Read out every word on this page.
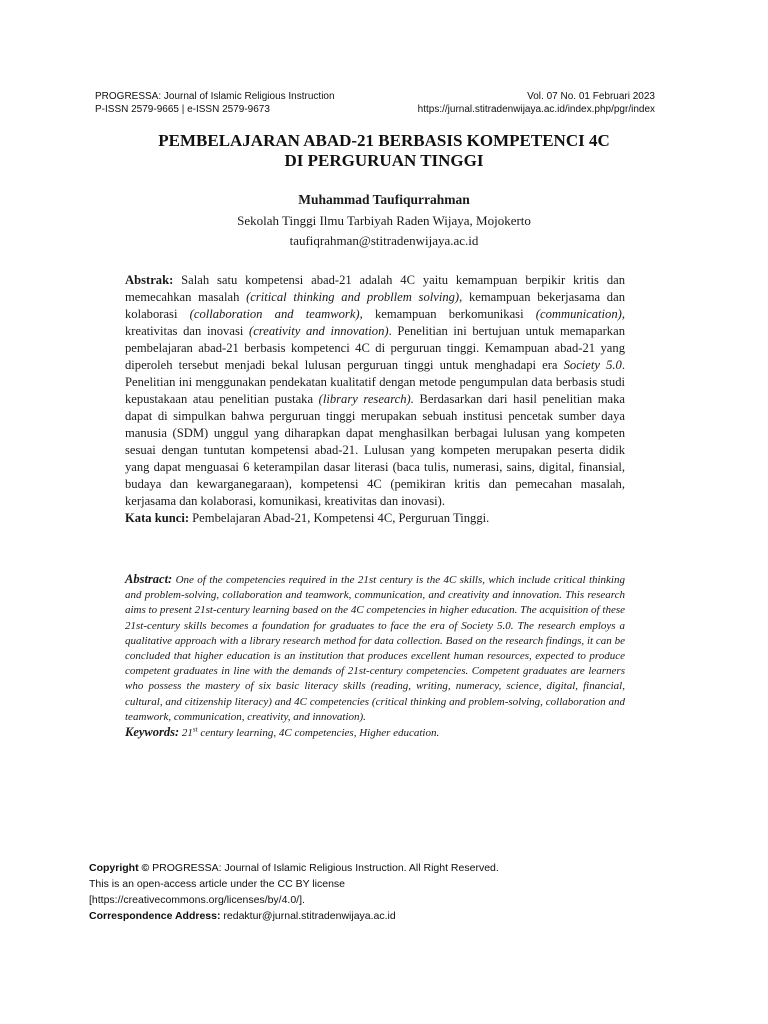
PROGRESSA: Journal of Islamic Religious Instruction
P-ISSN 2579-9665 | e-ISSN 2579-9673
Vol. 07 No. 01 Februari 2023
https://jurnal.stitradenwijaya.ac.id/index.php/pgr/index
PEMBELAJARAN ABAD-21 BERBASIS KOMPETENCI 4C
DI PERGURUAN TINGGI
Muhammad Taufiqurrahman
Sekolah Tinggi Ilmu Tarbiyah Raden Wijaya, Mojokerto
taufiqrahman@stitradenwijaya.ac.id
Abstrak: Salah satu kompetensi abad-21 adalah 4C yaitu kemampuan berpikir kritis dan memecahkan masalah (critical thinking and probllem solving), kemampuan bekerjasama dan kolaborasi (collaboration and teamwork), kemampuan berkomunikasi (communication), kreativitas dan inovasi (creativity and innovation). Penelitian ini bertujuan untuk memaparkan pembelajaran abad-21 berbasis kompetenci 4C di perguruan tinggi. Kemampuan abad-21 yang diperoleh tersebut menjadi bekal lulusan perguruan tinggi untuk menghadapi era Society 5.0. Penelitian ini menggunakan pendekatan kualitatif dengan metode pengumpulan data berbasis studi kepustakaan atau penelitian pustaka (library research). Berdasarkan dari hasil penelitian maka dapat di simpulkan bahwa perguruan tinggi merupakan sebuah institusi pencetak sumber daya manusia (SDM) unggul yang diharapkan dapat menghasilkan berbagai lulusan yang kompeten sesuai dengan tuntutan kompetensi abad-21. Lulusan yang kompeten merupakan peserta didik yang dapat menguasai 6 keterampilan dasar literasi (baca tulis, numerasi, sains, digital, finansial, budaya dan kewarganegaraan), kompetensi 4C (pemikiran kritis dan pemecahan masalah, kerjasama dan kolaborasi, komunikasi, kreativitas dan inovasi).
Kata kunci: Pembelajaran Abad-21, Kompetensi 4C, Perguruan Tinggi.
Abstract: One of the competencies required in the 21st century is the 4C skills, which include critical thinking and problem-solving, collaboration and teamwork, communication, and creativity and innovation. This research aims to present 21st-century learning based on the 4C competencies in higher education. The acquisition of these 21st-century skills becomes a foundation for graduates to face the era of Society 5.0. The research employs a qualitative approach with a library research method for data collection. Based on the research findings, it can be concluded that higher education is an institution that produces excellent human resources, expected to produce competent graduates in line with the demands of 21st-century competencies. Competent graduates are learners who possess the mastery of six basic literacy skills (reading, writing, numeracy, science, digital, financial, cultural, and citizenship literacy) and 4C competencies (critical thinking and problem-solving, collaboration and teamwork, communication, creativity, and innovation).
Keywords: 21st century learning, 4C competencies, Higher education.
Copyright © PROGRESSA: Journal of Islamic Religious Instruction. All Right Reserved.
This is an open-access article under the CC BY license
[https://creativecommons.org/licenses/by/4.0/].
Correspondence Address: redaktur@jurnal.stitradenwijaya.ac.id
